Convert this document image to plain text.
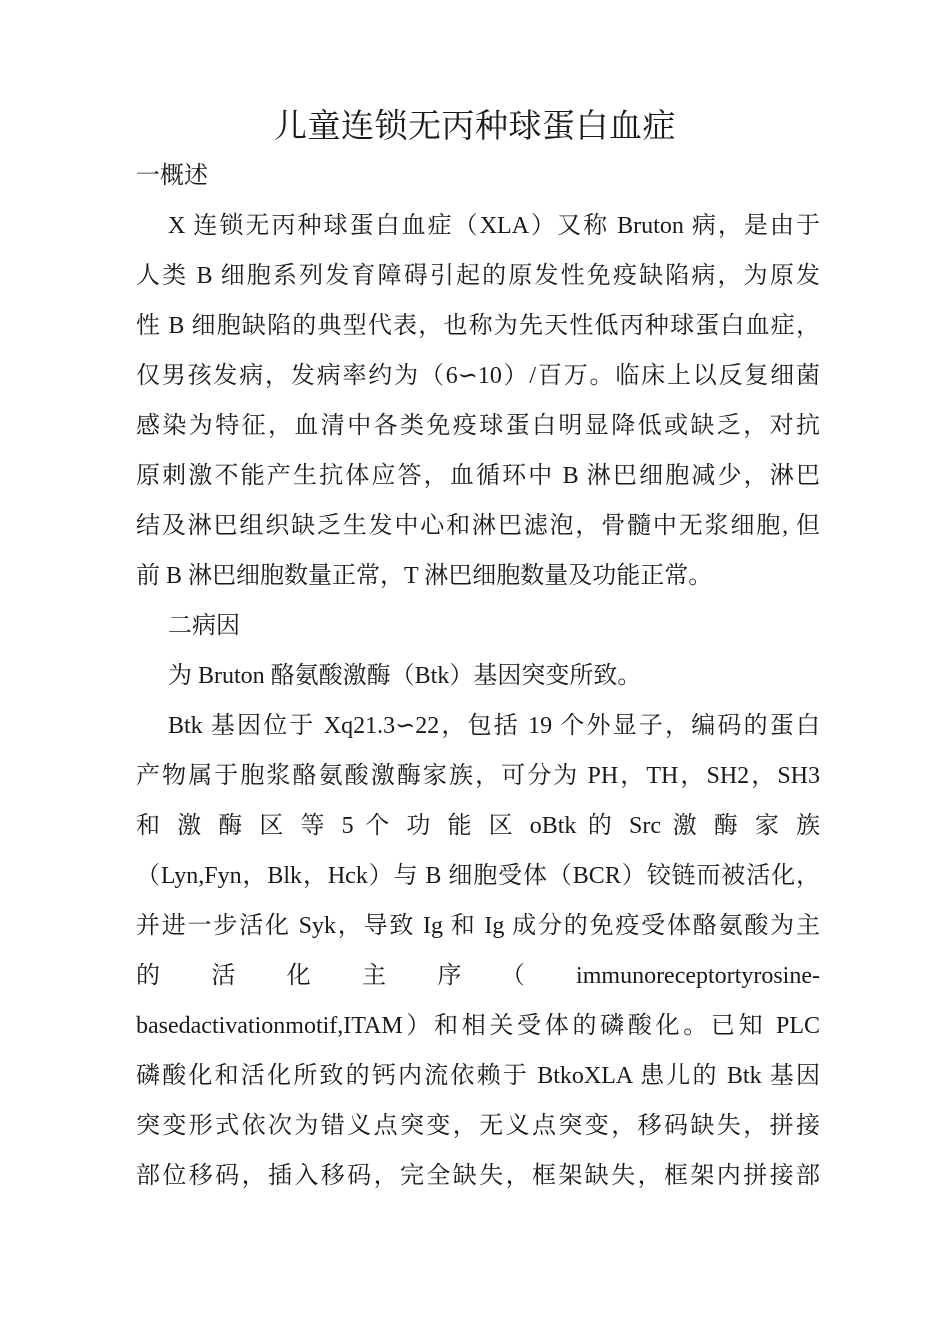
儿童连锁无丙种球蛋白血症

一概述

X 连锁无丙种球蛋白血症（XLA）又称 Bruton 病，是由于

人类 B 细胞系列发育障碍引起的原发性免疫缺陷病，为原发

性 B 细胞缺陷的典型代表，也称为先天性低丙种球蛋白血症，

仅男孩发病，发病率约为（6∽10）/百万。临床上以反复细菌

感染为特征，血清中各类免疫球蛋白明显降低或缺乏，对抗

原刺激不能产生抗体应答，血循环中 B 淋巴细胞减少，淋巴

结及淋巴组织缺乏生发中心和淋巴滤泡，骨髓中无浆细胞, 但

前 B 淋巴细胞数量正常，T 淋巴细胞数量及功能正常。

二病因

为 Bruton 酪氨酸激酶（Btk）基因突变所致。

Btk 基因位于 Xq21.3∽22，包括 19 个外显子，编码的蛋白

产物属于胞浆酪氨酸激酶家族，可分为 PH，TH，SH2，SH3

和 激 酶 区 等 5 个 功 能 区 oBtk 的 Src 激 酶 家 族

（Lyn,Fyn，Blk，Hck）与 B 细胞受体（BCR）铰链而被活化，

并进一步活化 Syk，导致 Ig 和 Ig 成分的免疫受体酪氨酸为主

的　活　化　主　序　（　immunoreceptortyrosine-

basedactivationmotif,ITAM）和相关受体的磷酸化。已知 PLC

磷酸化和活化所致的钙内流依赖于 BtkoXLA 患儿的 Btk 基因

突变形式依次为错义点突变，无义点突变，移码缺失，拼接

部位移码，插入移码，完全缺失，框架缺失，框架内拼接部
